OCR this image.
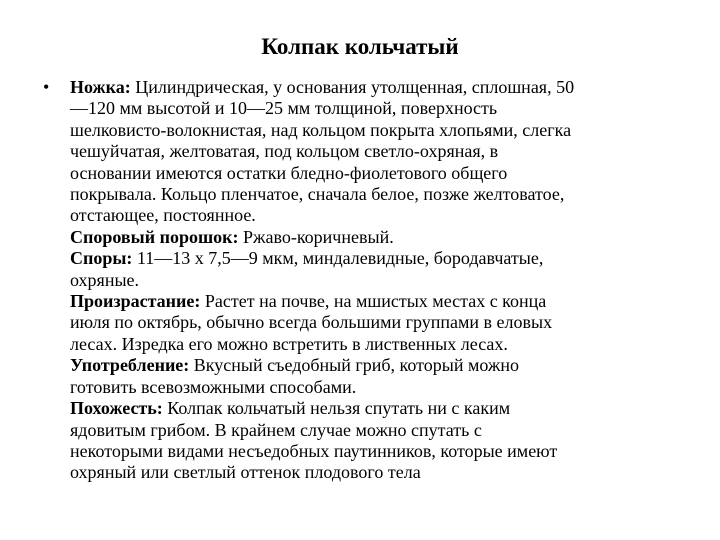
Колпак кольчатый
• Ножка: Цилиндрическая, у основания утолщенная, сплошная, 50
—120 мм высотой и 10—25 мм толщиной, поверхность
шелковисто-волокнистая, над кольцом покрыта хлопьями, слегка
чешуйчатая, желтоватая, под кольцом светло-охряная, в
основании имеются остатки бледно-фиолетового общего
покрывала. Кольцо пленчатое, сначала белое, позже желтоватое,
отстающее, постоянное.

Споровый порошок: Ржаво-коричневый.

Споры: 11—13 х 7,5—9 мкм, миндалевидные, бородавчатые,
охряные.

Произрастание: Растет на почве, на мшистых местах с конца
июля по октябрь, обычно всегда большими группами в еловых
лесах. Изредка его можно встретить в лиственных лесах.

Употребление: Вкусный съедобный гриб, который можно
готовить всевозможными способами.

Похожесть: Колпак кольчатый нельзя спутать ни с каким
ядовитым грибом. В крайнем случае можно спутать с
некоторыми видами несъедобных паутинников, которые имеют
охряный или светлый оттенок плодового тела
